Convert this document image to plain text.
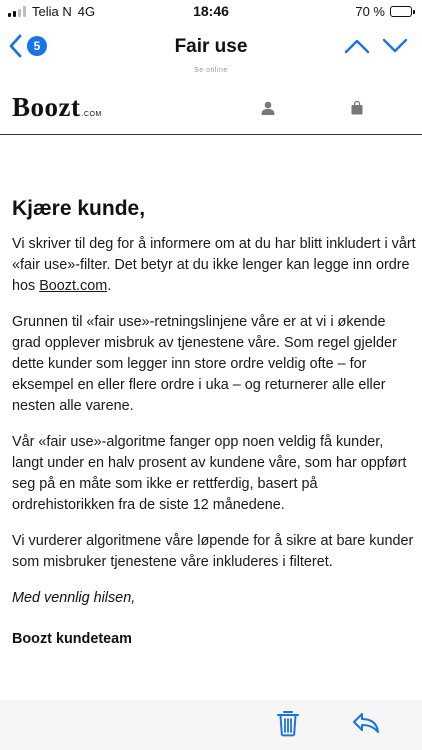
Telia N 4G	18:46	70 %
5	Fair use
Se online
Boozt.COM
Kjære kunde,

Vi skriver til deg for å informere om at du har blitt inkludert i vårt «fair use»-filter. Det betyr at du ikke lenger kan legge inn ordre hos Boozt.com.

Grunnen til «fair use»-retningslinjene våre er at vi i økende grad opplever misbruk av tjenestene våre. Som regel gjelder dette kunder som legger inn store ordre veldig ofte – for eksempel en eller flere ordre i uka – og returnerer alle eller nesten alle varene.

Vår «fair use»-algoritme fanger opp noen veldig få kunder, langt under en halv prosent av kundene våre, som har oppført seg på en måte som ikke er rettferdig, basert på ordrehistorikken fra de siste 12 månedene.

Vi vurderer algoritmene våre løpende for å sikre at bare kunder som misbruker tjenestene våre inkluderes i filteret.

Med vennlig hilsen,

Boozt kundeteam
